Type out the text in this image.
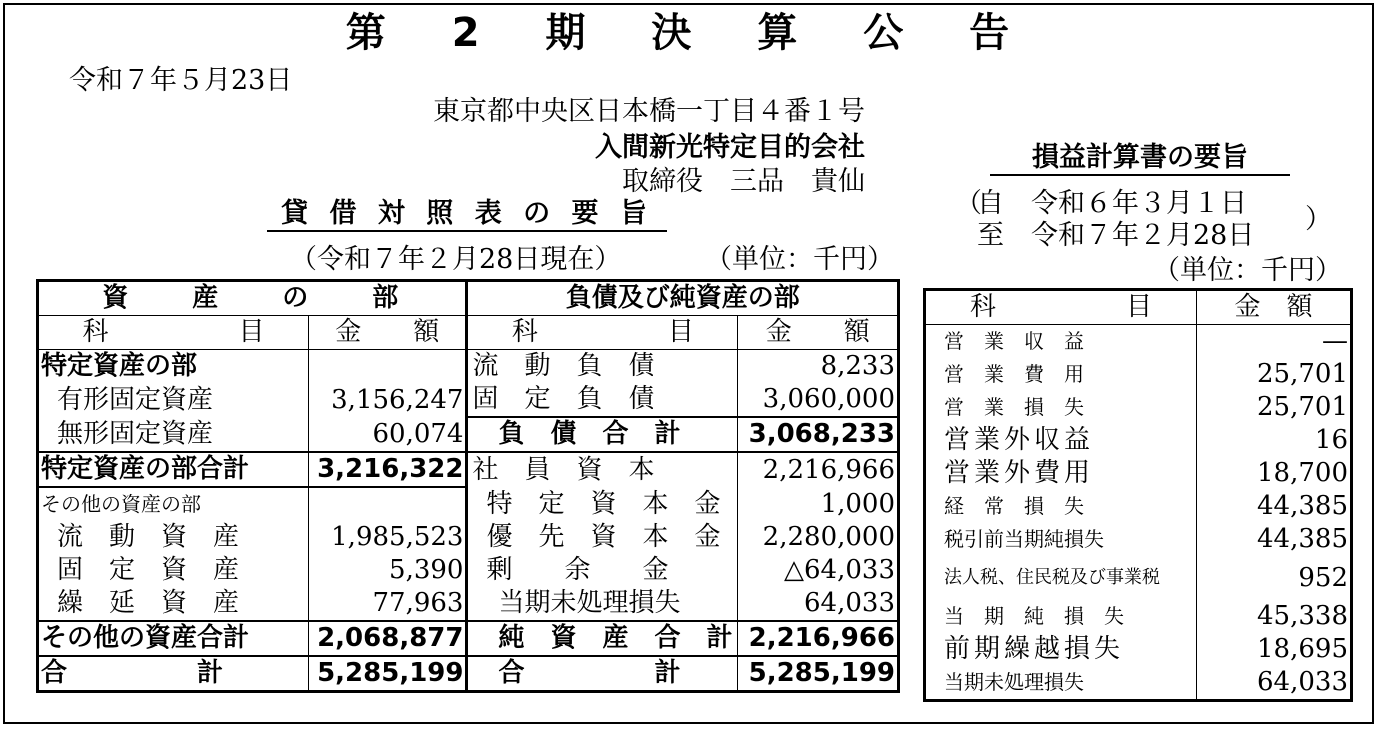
第 2 期 決 算 公 告
令和７年５月23日
東京都中央区日本橋一丁目４番１号
入間新光特定目的会社
取締役　三品　貴仙
貸 借 対 照 表 の 要 旨
（令和７年２月28日現在）	（単位：千円）
資　　産　　の　　部		負債及び純資産の部	
科　　　　　目	金　　額	科　　　　　目	金　　額
特定資産の部		流　動　負　債	8,233
有形固定資産	3,156,247	固　定　負　債	3,060,000
無形固定資産	60,074	負　債　合　計	3,068,233
特定資産の部合計	3,216,322	社　員　資　本	2,216,966
その他の資産の部		特　定　資　本　金	1,000
流　動　資　産	1,985,523	優　先　資　本　金	2,280,000
固　定　資　産	5,390	剰　　余　　金	△64,033
繰　延　資　産	77,963	当期未処理損失	64,033
その他の資産合計	2,068,877	純　資　産　合　計	2,216,966
合　　　　　計	5,285,199	合　　　　　計	5,285,199
損益計算書の要旨
（
自　令和６年３月１日
至　令和７年２月28日
）
（単位：千円）
科　　　　　目	金　額
営　業　収　益	—
営　業　費　用	25,701
営　業　損　失	25,701
営業外収益	16
営業外費用	18,700
経　常　損　失	44,385
税引前当期純損失	44,385
法人税、住民税及び事業税	952
当　期　純　損　失	45,338
前期繰越損失	18,695
当期未処理損失	64,033
